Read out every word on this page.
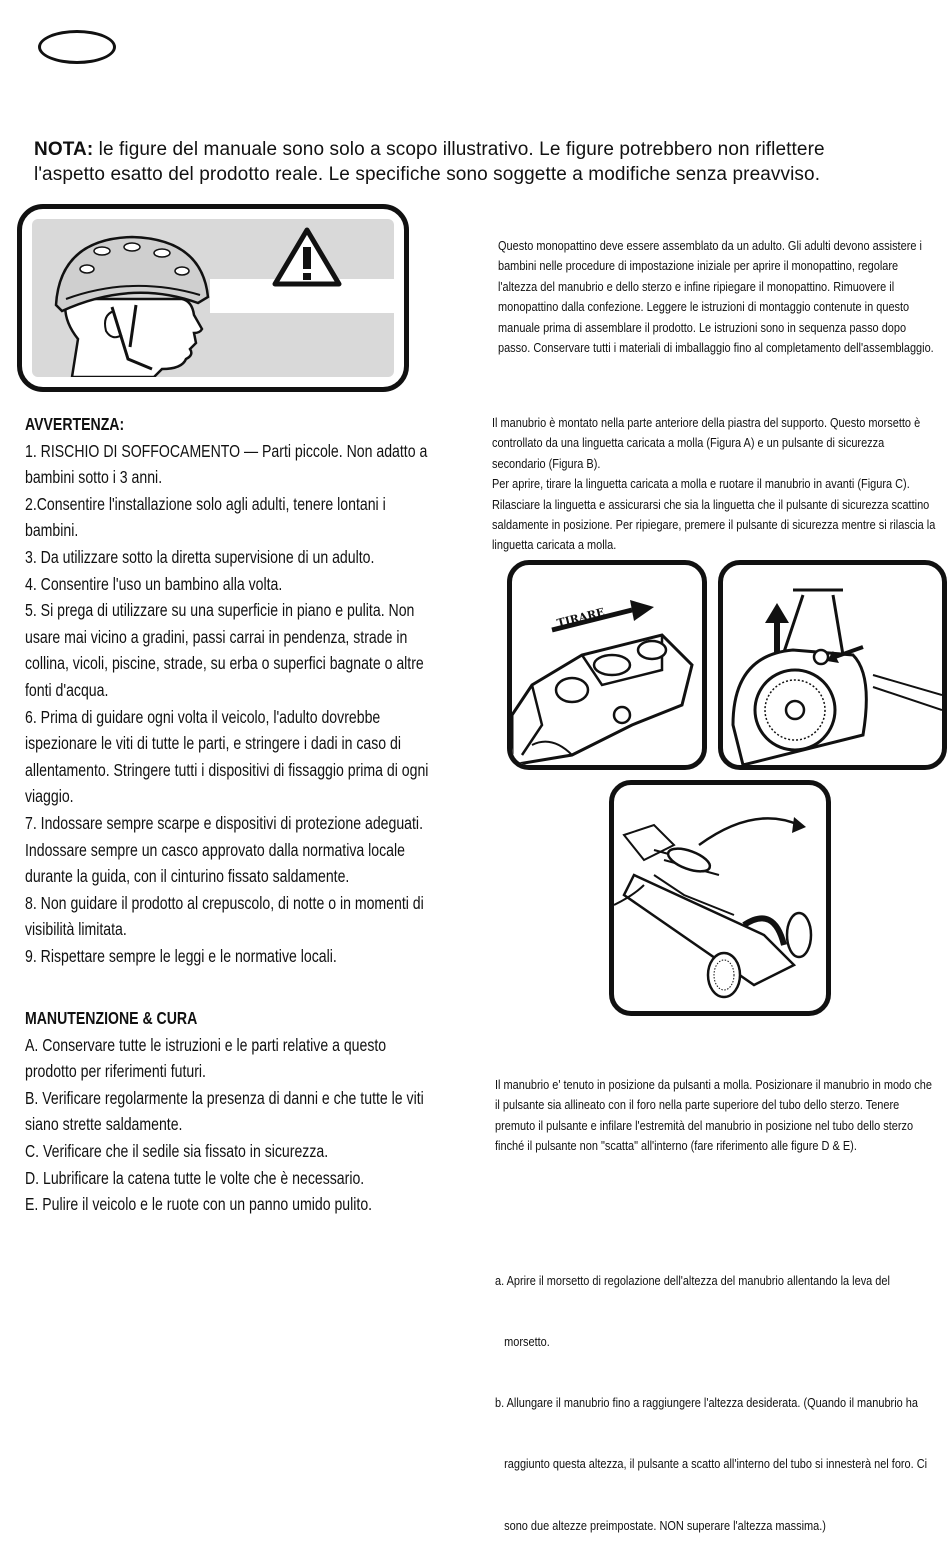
NOTA: le figure del manuale sono solo a scopo illustrativo. Le figure potrebbero non riflettere
l'aspetto esatto del prodotto reale. Le specifiche sono soggette a modifiche senza preavviso.
Questo monopattino deve essere assemblato da un adulto. Gli adulti devono assistere i
bambini nelle procedure di impostazione iniziale per aprire il monopattino, regolare
l'altezza del manubrio e dello sterzo e infine ripiegare il monopattino. Rimuovere il
monopattino dalla confezione. Leggere le istruzioni di montaggio contenute in questo
manuale prima di assemblare il prodotto. Le istruzioni sono in sequenza passo dopo
passo. Conservare tutti i materiali di imballaggio fino al completamento dell'assemblaggio.
Il manubrio è montato nella parte anteriore della piastra del supporto. Questo morsetto è
controllato da una linguetta caricata a molla (Figura A) e un pulsante di sicurezza
secondario (Figura B).
Per aprire, tirare la linguetta caricata a molla e ruotare il manubrio in avanti (Figura C).
Rilasciare la linguetta e assicurarsi che sia la linguetta che il pulsante di sicurezza scattino
saldamente in posizione. Per ripiegare, premere il pulsante di sicurezza mentre si rilascia la
linguetta caricata a molla.
TIRARE

AVVERTENZA:

1. RISCHIO DI SOFFOCAMENTO — Parti piccole. Non adatto a

bambini sotto i 3 anni.

2.Consentire l'installazione solo agli adulti, tenere lontani i

bambini.

3. Da utilizzare sotto la diretta supervisione di un adulto.

4. Consentire l'uso un bambino alla volta.

5. Si prega di utilizzare su una superficie in piano e pulita. Non

usare mai vicino a gradini, passi carrai in pendenza, strade in

collina, vicoli, piscine, strade, su erba o superfici bagnate o altre

fonti d'acqua.

6. Prima di guidare ogni volta il veicolo, l'adulto dovrebbe

ispezionare le viti di tutte le parti, e stringere i dadi in caso di

allentamento. Stringere tutti i dispositivi di fissaggio prima di ogni

viaggio.

7. Indossare sempre scarpe e dispositivi di protezione adeguati.

Indossare sempre un casco approvato dalla normativa locale

durante la guida, con il cinturino fissato saldamente.

8. Non guidare il prodotto al crepuscolo, di notte o in momenti di

visibilità limitata.

9. Rispettare sempre le leggi e le normative locali.

MANUTENZIONE & CURA

A. Conservare tutte le istruzioni e le parti relative a questo

prodotto per riferimenti futuri.

B. Verificare regolarmente la presenza di danni e che tutte le viti

siano strette saldamente.

C. Verificare che il sedile sia fissato in sicurezza.

D. Lubrificare la catena tutte le volte che è necessario.

E. Pulire il veicolo e le ruote con un panno umido pulito.

Il manubrio e' tenuto in posizione da pulsanti a molla. Posizionare il manubrio in modo che
il pulsante sia allineato con il foro nella parte superiore del tubo dello sterzo. Tenere
premuto il pulsante e infilare l'estremità del manubrio in posizione nel tubo dello sterzo
finché il pulsante non "scatta" all'interno (fare riferimento alle figure D & E).

a. Aprire il morsetto di regolazione dell'altezza del manubrio allentando la leva del

morsetto.

b. Allungare il manubrio fino a raggiungere l'altezza desiderata. (Quando il manubrio ha

raggiunto questa altezza, il pulsante a scatto all'interno del tubo si innesterà nel foro. Ci

sono due altezze preimpostate. NON superare l'altezza massima.)
